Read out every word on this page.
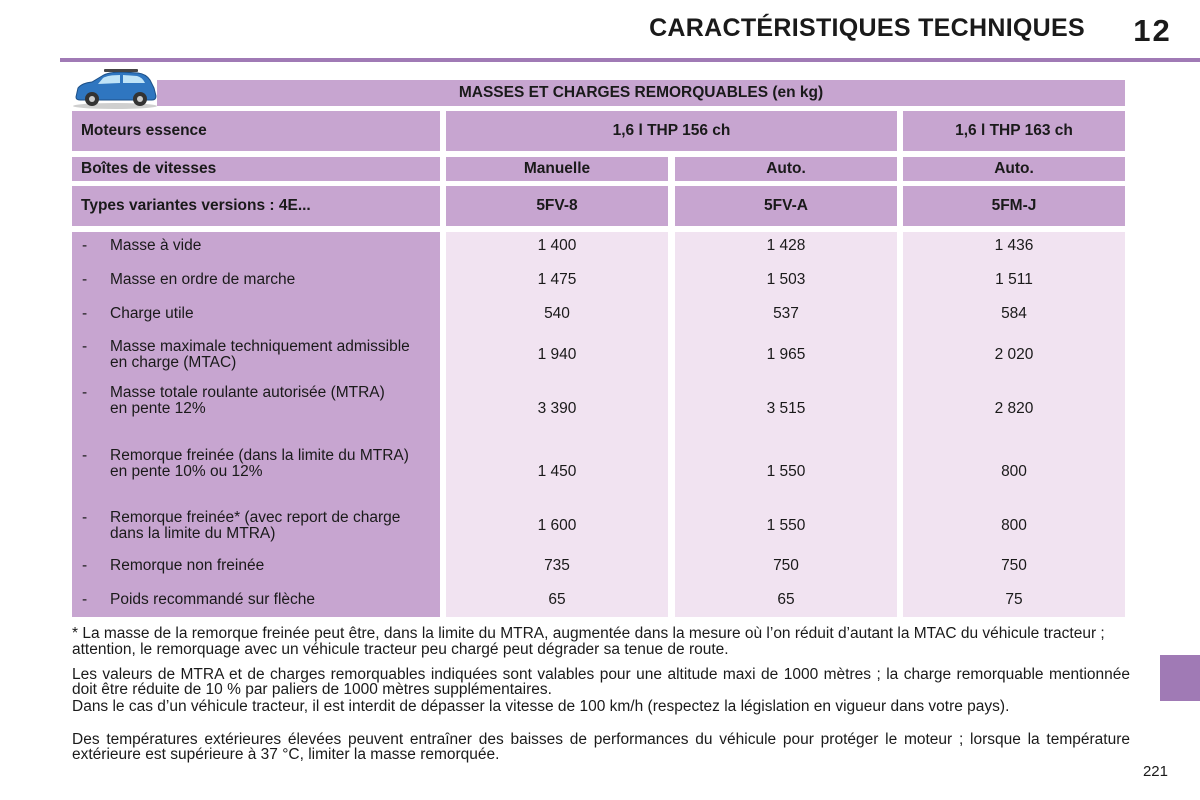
CARACTÉRISTIQUES TECHNIQUES	12
MASSES ET CHARGES REMORQUABLES (en kg)
Moteurs essence	1,6 l THP 156 ch	1,6 l THP 163 ch
Boîtes de vitesses	Manuelle	Auto.	Auto.
Types variantes versions : 4E...	5FV-8	5FV-A	5FM-J
- Masse à vide	1 400	1 428	1 436
- Masse en ordre de marche	1 475	1 503	1 511
- Charge utile	540	537	584
- Masse maximale techniquement admissible en charge (MTAC)	1 940	1 965	2 020
- Masse totale roulante autorisée (MTRA)
en pente 12%	3 390	3 515	2 820
- Remorque freinée (dans la limite du MTRA)
en pente 10% ou 12%	1 450	1 550	800
- Remorque freinée* (avec report de charge dans la limite du MTRA)	1 600	1 550	800
- Remorque non freinée	735	750	750
- Poids recommandé sur flèche	65	65	75
* La masse de la remorque freinée peut être, dans la limite du MTRA, augmentée dans la mesure où l’on réduit d’autant la MTAC du véhicule tracteur ; attention, le remorquage avec un véhicule tracteur peu chargé peut dégrader sa tenue de route.
Les valeurs de MTRA et de charges remorquables indiquées sont valables pour une altitude maxi de 1000 mètres ; la charge remorquable mentionnée doit être réduite de 10 % par paliers de 1000 mètres supplémentaires.
Dans le cas d’un véhicule tracteur, il est interdit de dépasser la vitesse de 100 km/h (respectez la législation en vigueur dans votre pays).
Des températures extérieures élevées peuvent entraîner des baisses de performances du véhicule pour protéger le moteur ; lorsque la température extérieure est supérieure à 37 °C, limiter la masse remorquée.
221
